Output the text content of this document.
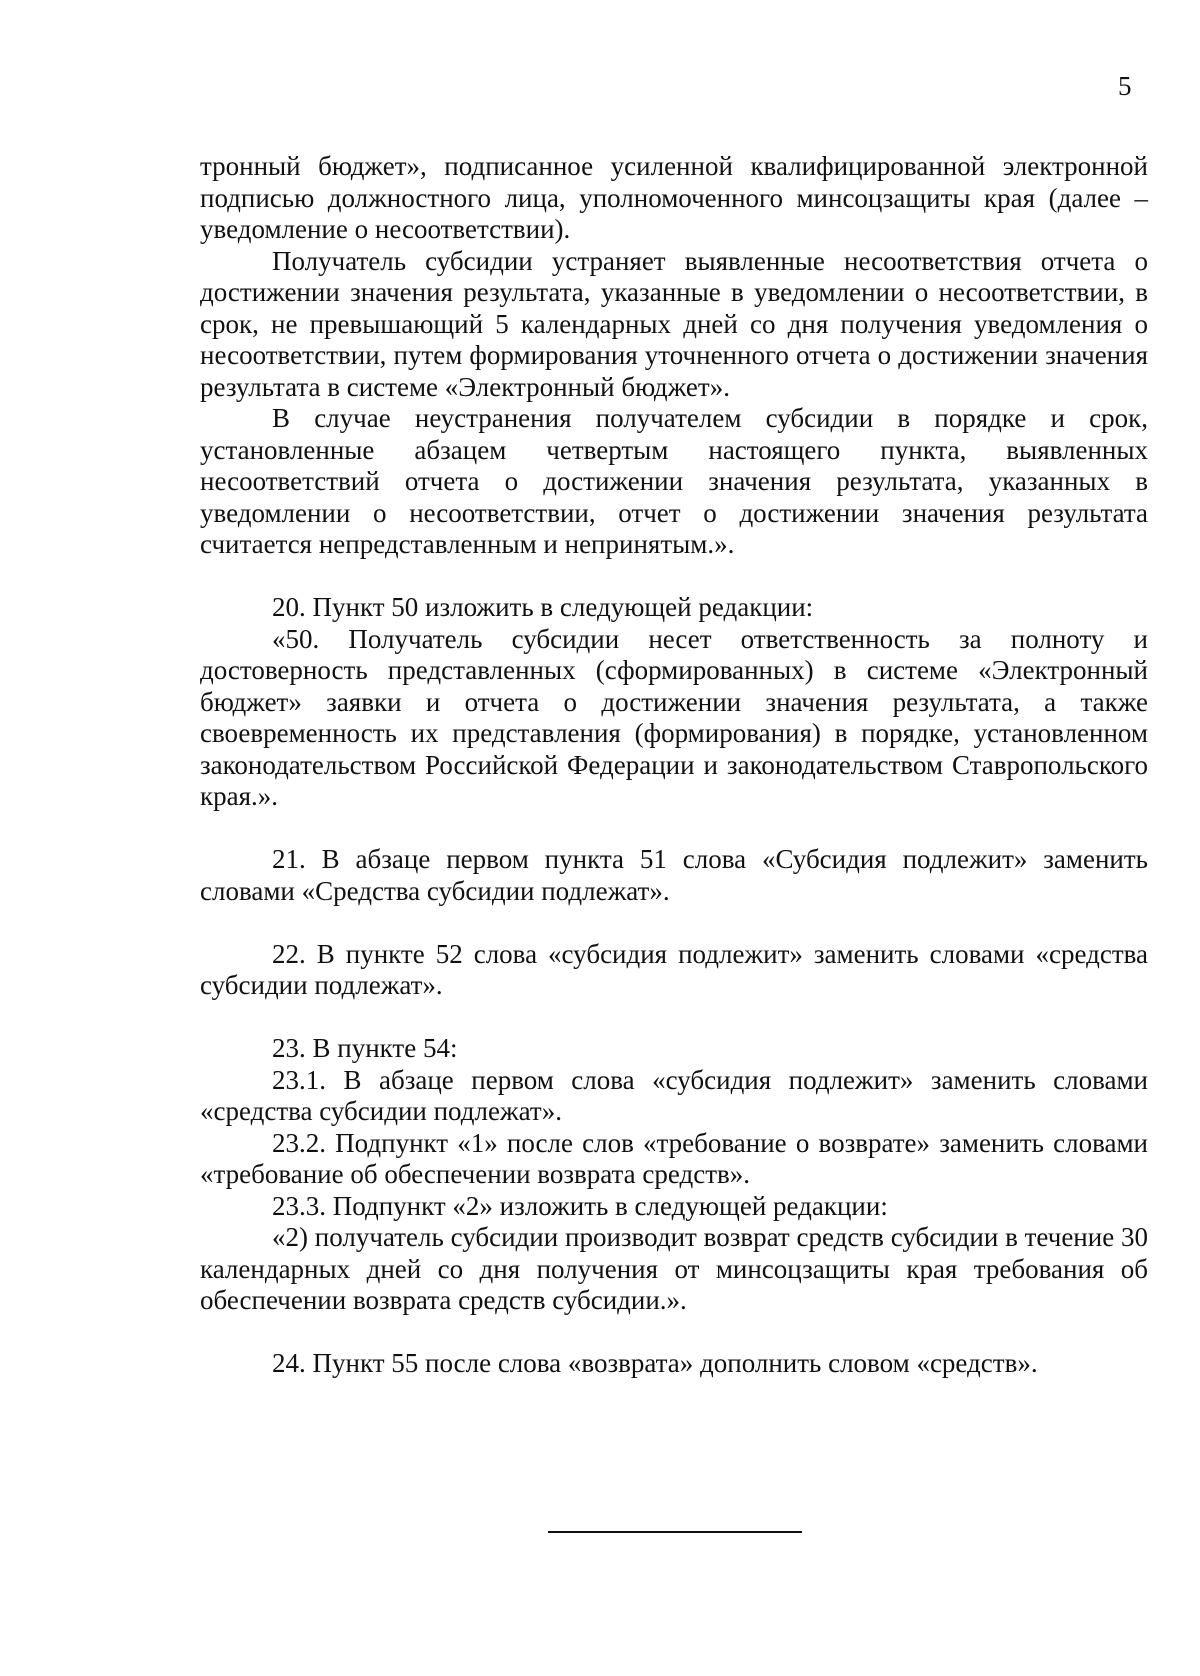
5

тронный бюджет», подписанное усиленной квалифицированной электронной подписью должностного лица, уполномоченного минсоцзащиты края (далее – уведомление о несоответствии).

Получатель субсидии устраняет выявленные несоответствия отчета о достижении значения результата, указанные в уведомлении о несоответствии, в срок, не превышающий 5 календарных дней со дня получения уведомления о несоответствии, путем формирования уточненного отчета о достижении значения результата в системе «Электронный бюджет».

В случае неустранения получателем субсидии в порядке и срок, установленные абзацем четвертым настоящего пункта, выявленных несоответствий отчета о достижении значения результата, указанных в уведомлении о несоответствии, отчет о достижении значения результата считается непредставленным и непринятым.».

20. Пункт 50 изложить в следующей редакции:

«50. Получатель субсидии несет ответственность за полноту и достоверность представленных (сформированных) в системе «Электронный бюджет» заявки и отчета о достижении значения результата, а также своевременность их представления (формирования) в порядке, установленном законодательством Российской Федерации и законодательством Ставропольского края.».

21. В абзаце первом пункта 51 слова «Субсидия подлежит» заменить словами «Средства субсидии подлежат».

22. В пункте 52 слова «субсидия подлежит» заменить словами «средства субсидии подлежат».

23. В пункте 54:

23.1. В абзаце первом слова «субсидия подлежит» заменить словами «средства субсидии подлежат».

23.2. Подпункт «1» после слов «требование о возврате» заменить словами «требование об обеспечении возврата средств».

23.3. Подпункт «2» изложить в следующей редакции:

«2) получатель субсидии производит возврат средств субсидии в течение 30 календарных дней со дня получения от минсоцзащиты края требования об обеспечении возврата средств субсидии.».

24. Пункт 55 после слова «возврата» дополнить словом «средств».
